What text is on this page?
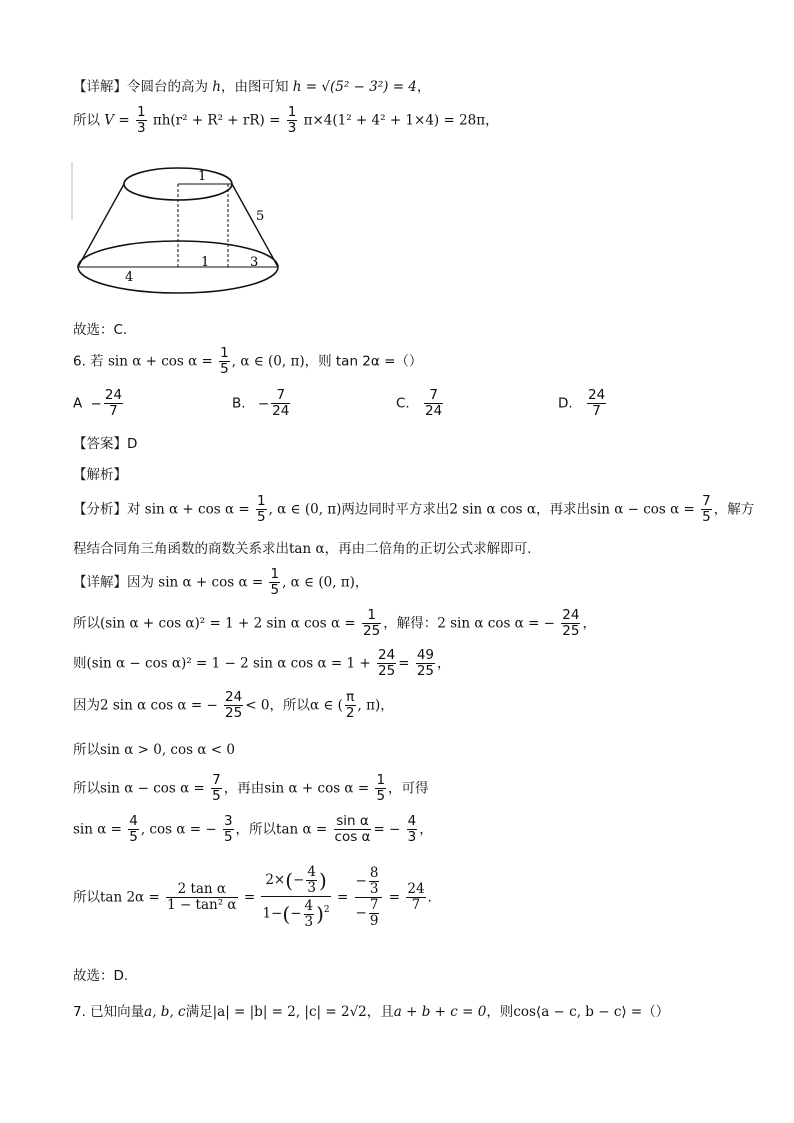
【详解】令圆台的高为 h，由图可知 h = √(5² − 3²) = 4，
所以 $V = \frac{1}{3} \pi h(r^2 + R^2 + rR) = \frac{1}{3} \pi\times 4(1^2 + 4^2 + 1\times 4) = 28\pi$，
1
5
4
1	3
故选：C.
6. 若 $\sin \alpha + \cos \alpha = \frac{1}{5}$ , α ∈ (0, π)，则 tan 2α =（）
$A - \frac{24}{7}$	B. − $\frac{7}{24}$	C. $\frac{7}{24}$	D. $\frac{24}{7}$
【答案】D
【解析】
【分析】对 $\sin \alpha + \cos \alpha = \frac{1}{5}$ , α ∈ (0, π)两边同时平方求出2 sin α cos α，再求出$\sin \alpha - \cos \alpha = \frac{7}{5}$ ，解方
程结合同角三角函数的商数关系求出tan α，再由二倍角的正切公式求解即可.
【详解】因为 $\sin \alpha + \cos \alpha = \frac{1}{5}$ , α ∈ (0, π)，
所以(sin α + cos α)² = 1 + 2 sin α $\cos \alpha = \frac{1}{25}$ ，解得：2 sin α cos α = − $\frac{24}{25}$ ，
则(sin α − cos α)² = 1 − 2 sin α $\cos \alpha = 1 + \frac{24}{25} = \frac{49}{25}$ ，
因为2 sin α cos α = − $\frac{24}{25} < 0$，所以α ∈ ( $\frac{\pi}{2}$ , π)，
所以sin α > 0, cos α < 0
所以$\sin \alpha - \cos \alpha = \frac{7}{5}$ ，再由$\sin \alpha + \cos \alpha = \frac{1}{5}$ ，可得
$\sin \alpha = \frac{4}{5}$ , cos α = − $\frac{3}{5}$ ，所以$\tan \alpha = \frac{\text{sin α}}{\text{cos α}}$ = − $\frac{4}{3}$ ，
所以$\tan 2\alpha = \frac{\text{2 tan α}}{\text{1 − tan² α}} = \frac{2\times(- \frac{4}{3} )}{1-(- \frac{4}{3} )^2} = \frac{- \frac{8}{3}}{- \frac{7}{9}} = \frac{24}{7}$ .
故选：D.
7. 已知向量a, b, c满足|a| = |b| = 2, |c| = 2√2，且a + b + c = 0，则cos⟨a − c, b − c⟩ =（）
